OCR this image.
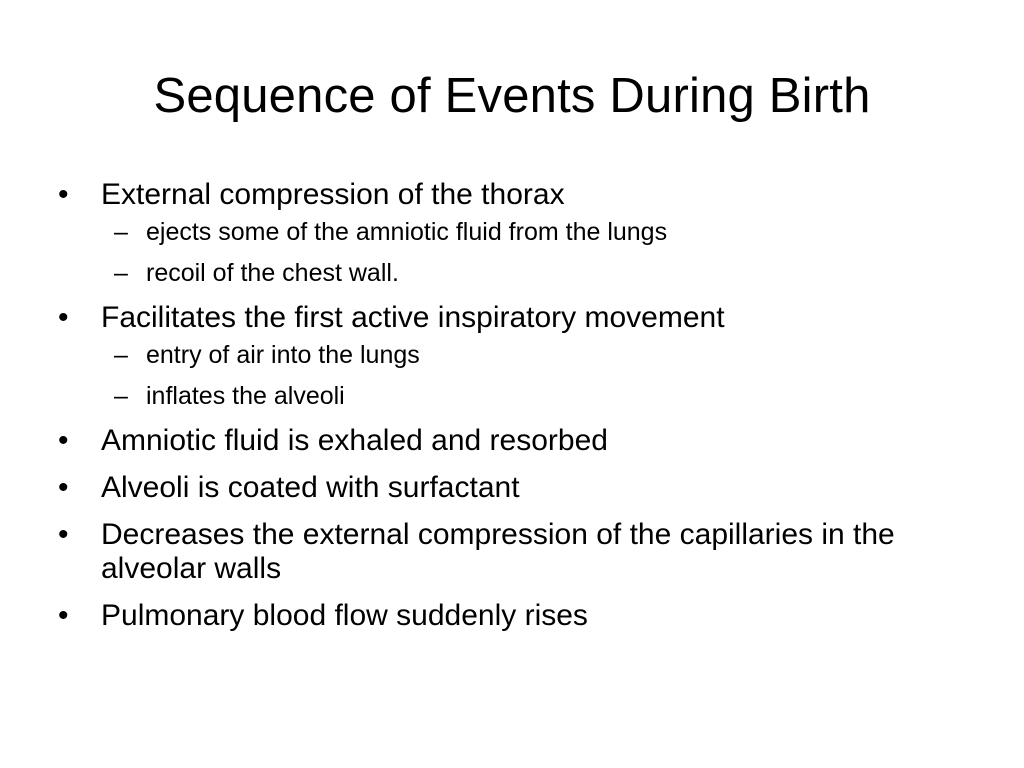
Sequence of Events During Birth
•	External compression of the thorax
– ejects some of the amniotic fluid from the lungs
– recoil of the chest wall.
•	Facilitates the first active inspiratory movement
– entry of air into the lungs
– inflates the alveoli
•	Amniotic fluid is exhaled and resorbed
•	Alveoli is coated with surfactant
•	Decreases the external compression of the capillaries in the alveolar walls
•	Pulmonary blood flow suddenly rises
